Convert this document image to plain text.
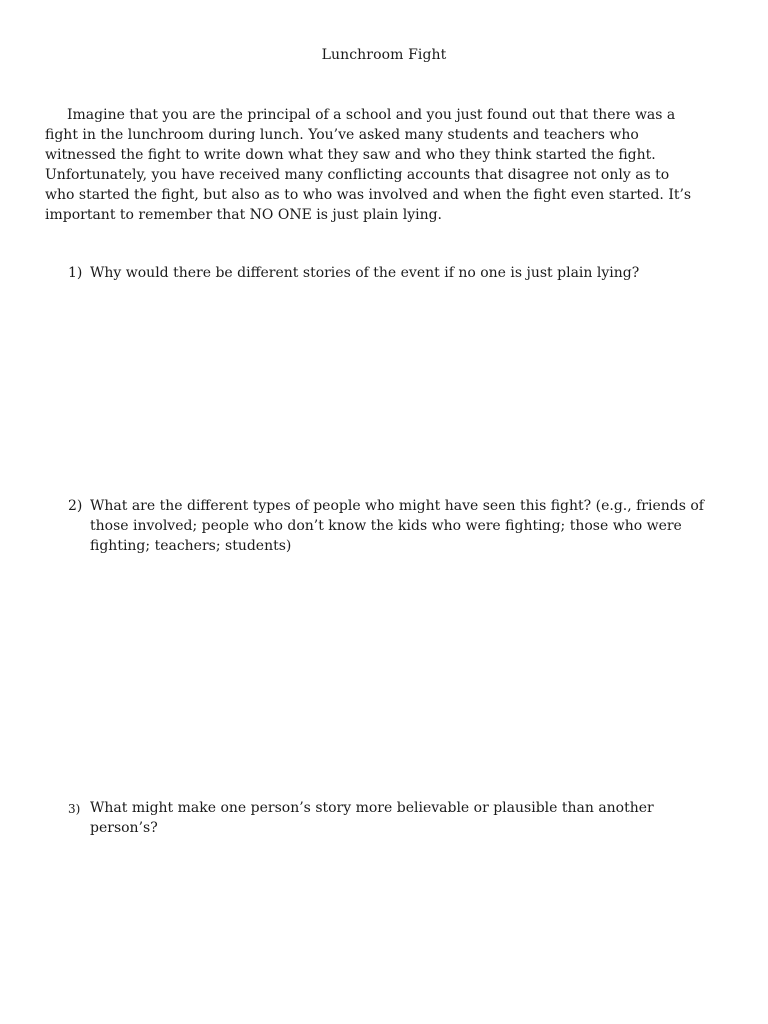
Lunchroom Fight
Imagine that you are the principal of a school and you just found out that there was a
fight in the lunchroom during lunch. You’ve asked many students and teachers who
witnessed the fight to write down what they saw and who they think started the fight.
Unfortunately, you have received many conflicting accounts that disagree not only as to
who started the fight, but also as to who was involved and when the fight even started. It’s
important to remember that NO ONE is just plain lying.
1) Why would there be different stories of the event if no one is just plain lying?
2) What are the different types of people who might have seen this fight? (e.g., friends of
those involved; people who don’t know the kids who were fighting; those who were
fighting; teachers; students)
3) What might make one person’s story more believable or plausible than another
person’s?
